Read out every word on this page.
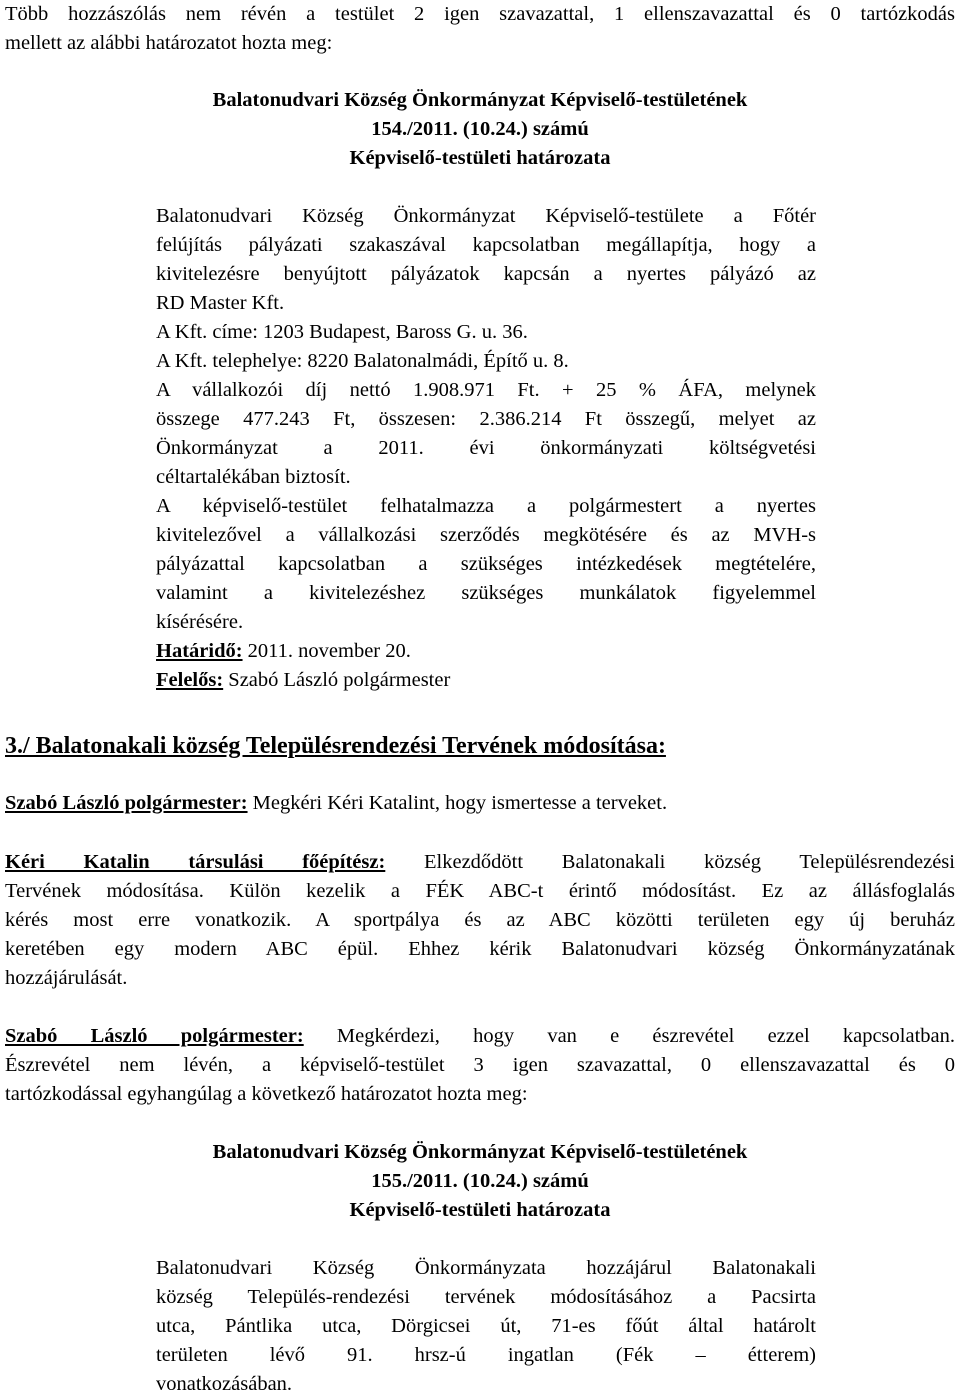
Több hozzászólás nem révén a testület 2 igen szavazattal, 1 ellenszavazattal és 0 tartózkodás
mellett az alábbi határozatot hozta meg:
Balatonudvari Község Önkormányzat Képviselő-testületének
154./2011. (10.24.) számú
Képviselő-testületi határozata
Balatonudvari Község Önkormányzat Képviselő-testülete a Főtér
felújítás pályázati szakaszával kapcsolatban megállapítja, hogy a
kivitelezésre benyújtott pályázatok kapcsán a nyertes pályázó az
RD Master Kft.
A Kft. címe: 1203 Budapest, Baross G. u. 36.
A Kft. telephelye: 8220 Balatonalmádi, Építő u. 8.
A vállalkozói díj nettó 1.908.971 Ft. + 25 % ÁFA, melynek
összege 477.243 Ft, összesen: 2.386.214 Ft összegű, melyet az
Önkormányzat a 2011. évi önkormányzati költségvetési
céltartalékában biztosít.
A képviselő-testület felhatalmazza a polgármestert a nyertes
kivitelezővel a vállalkozási szerződés megkötésére és az MVH-s
pályázattal kapcsolatban a szükséges intézkedések megtételére,
valamint a kivitelezéshez szükséges munkálatok figyelemmel
kísérésére.
Határidő: 2011. november 20.
Felelős: Szabó László polgármester
3./ Balatonakali község Településrendezési Tervének módosítása:
Szabó László polgármester: Megkéri Kéri Katalint, hogy ismertesse a terveket.
Kéri Katalin társulási főépítész: Elkezdődött Balatonakali község Településrendezési
Tervének módosítása. Külön kezelik a FÉK ABC-t érintő módosítást. Ez az állásfoglalás
kérés most erre vonatkozik. A sportpálya és az ABC közötti területen egy új beruház
keretében egy modern ABC épül. Ehhez kérik Balatonudvari község Önkormányzatának
hozzájárulását.
Szabó László polgármester: Megkérdezi, hogy van e észrevétel ezzel kapcsolatban.
Észrevétel nem lévén, a képviselő-testület 3 igen szavazattal, 0 ellenszavazattal és 0
tartózkodással egyhangúlag a következő határozatot hozta meg:
Balatonudvari Község Önkormányzat Képviselő-testületének
155./2011. (10.24.) számú
Képviselő-testületi határozata
Balatonudvari Község Önkormányzata hozzájárul Balatonakali
község Település-rendezési tervének módosításához a Pacsirta
utca, Pántlika utca, Dörgicsei út, 71-es főút által határolt
területen lévő 91. hrsz-ú ingatlan (Fék – étterem)
vonatkozásában.
